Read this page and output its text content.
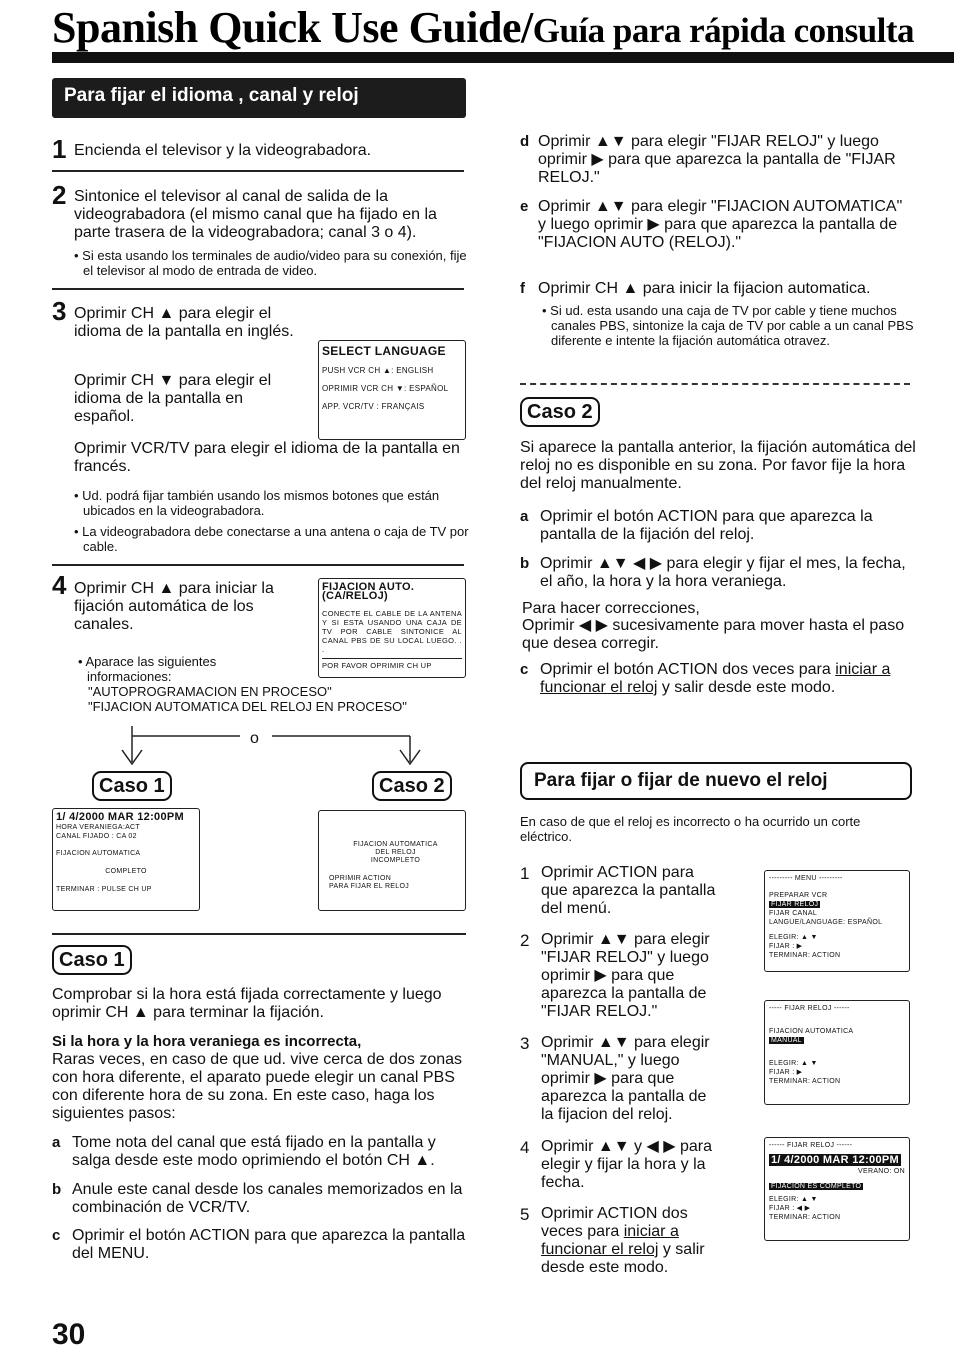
Spanish Quick Use Guide/Guía para rápida consulta
Para fijar el idioma , canal y reloj
1 Encienda el televisor y la videograbadora.
2 Sintonice el televisor al canal de salida de la videograbadora (el mismo canal que ha fijado en la parte trasera de la videograbadora; canal 3 o 4).
• Si esta usando los terminales de audio/video para su conexión, fije el televisor al modo de entrada de video.
3 Oprimir CH ▲ para elegir el idioma de la pantalla en inglés.
Oprimir CH ▼ para elegir el idioma de la pantalla en español.
Oprimir VCR/TV para elegir el idioma de la pantalla en francés.
SELECT LANGUAGE
PUSH VCR CH ▲: ENGLISH
OPRIMIR VCR CH ▼: ESPAÑOL
APP. VCR/TV : FRANÇAIS
• Ud. podrá fijar también usando los mismos botones que están ubicados en la videograbadora.
• La videograbadora debe conectarse a una antena o caja de TV por cable.
4 Oprimir CH ▲ para iniciar la fijación automática de los canales.
FIJACION AUTO. (CA/RELOJ)
CONECTE EL CABLE DE LA ANTENA Y SI ESTA USANDO UNA CAJA DE TV POR CABLE SINTONICE AL CANAL PBS DE SU LOCAL LUEGO. . .
POR FAVOR OPRIMIR CH UP
• Aparace las siguientes informaciones:
"AUTOPROGRAMACION EN PROCESO"
"FIJACION AUTOMATICA DEL RELOJ EN PROCESO"
o
Caso 1	Caso 2
1/ 4/2000 MAR 12:00PM
HORA VERANIEGA:ACT
CANAL FIJADO : CA 02
FIJACION AUTOMATICA
COMPLETO
TERMINAR : PULSE CH UP
FIJACION AUTOMATICA
DEL RELOJ
INCOMPLETO
OPRIMIR ACTION
PARA FIJAR EL RELOJ
Caso 1
Comprobar si la hora está fijada correctamente y luego oprimir CH ▲ para terminar la fijación.
Si la hora y la hora veraniega es incorrecta,
Raras veces, en caso de que ud. vive cerca de dos zonas con hora diferente, el aparato puede elegir un canal PBS con diferente hora de su zona. En este caso, haga los siguientes pasos:
a Tome nota del canal que está fijado en la pantalla y salga desde este modo oprimiendo el botón CH ▲.
b Anule este canal desde los canales memorizados en la combinación de VCR/TV.
c Oprimir el botón ACTION para que aparezca la pantalla del MENU.
d Oprimir ▲▼ para elegir "FIJAR RELOJ" y luego oprimir ▶ para que aparezca la pantalla de "FIJAR RELOJ."
e Oprimir ▲▼ para elegir "FIJACION AUTOMATICA" y luego oprimir ▶ para que aparezca la pantalla de "FIJACION AUTO (RELOJ)."
f Oprimir CH ▲ para inicir la fijacion automatica.
• Si ud. esta usando una caja de TV por cable y tiene muchos canales PBS, sintonize la caja de TV por cable a un canal PBS diferente e intente la fijación automática otravez.
Caso 2
Si aparece la pantalla anterior, la fijación automática del reloj no es disponible en su zona. Por favor fije la hora del reloj manualmente.
a Oprimir el botón ACTION para que aparezca la pantalla de la fijación del reloj.
b Oprimir ▲▼ ◀ ▶ para elegir y fijar el mes, la fecha, el año, la hora y la hora veraniega.
Para hacer correcciones,
Oprimir ◀ ▶ sucesivamente para mover hasta el paso que desea corregir.
c Oprimir el botón ACTION dos veces para iniciar a funcionar el reloj y salir desde este modo.
Para fijar o fijar de nuevo el reloj
En caso de que el reloj es incorrecto o ha ocurrido un corte eléctrico.
1 Oprimir ACTION para que aparezca la pantalla del menú.
2 Oprimir ▲▼ para elegir "FIJAR RELOJ" y luego oprimir ▶ para que aparezca la pantalla de "FIJAR RELOJ."
3 Oprimir ▲▼ para elegir "MANUAL," y luego oprimir ▶ para que aparezca la pantalla de la fijacion del reloj.
4 Oprimir ▲▼ y ◀ ▶ para elegir y fijar la hora y la fecha.
5 Oprimir ACTION dos veces para iniciar a funcionar el reloj y salir desde este modo.
--------- MENU ---------
PREPARAR VCR
FIJAR RELOJ
FIJAR CANAL
LANGUE/LANGUAGE: ESPAÑOL
ELEGIR: ▲ ▼
FIJAR : ▶
TERMINAR: ACTION
----- FIJAR RELOJ ------
FIJACION AUTOMATICA
MANUAL
ELEGIR: ▲ ▼
FIJAR : ▶
TERMINAR: ACTION
------ FIJAR RELOJ ------
1/ 4/2000 MAR 12:00PM
VERANO: ON
FIJACION ES COMPLETO
ELEGIR: ▲ ▼
FIJAR : ◀ ▶
TERMINAR: ACTION
30
